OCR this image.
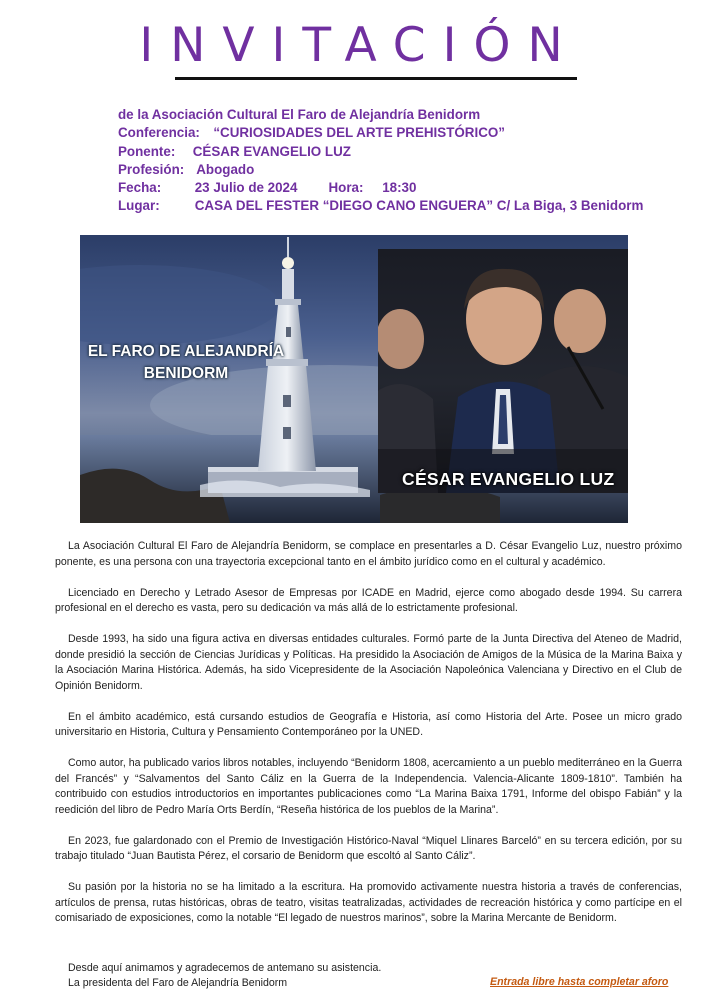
INVITACIÓN
de la Asociación Cultural El Faro de Alejandría Benidorm
Conferencia: “CURIOSIDADES DEL ARTE PREHISTÓRICO”
Ponente: CÉSAR EVANGELIO LUZ
Profesión: Abogado
Fecha:	23 Julio de 2024 Hora: 18:30
Lugar:	CASA DEL FESTER “DIEGO CANO ENGUERA” C/ La Biga, 3 Benidorm
EL FARO DE ALEJANDRÍA
BENIDORM
CÉSAR EVANGELIO LUZ

La Asociación Cultural El Faro de Alejandría Benidorm, se complace en presentarles a D. César Evangelio Luz, nuestro próximo ponente, es una persona con una trayectoria excepcional tanto en el ámbito jurídico como en el cultural y académico.

Licenciado en Derecho y Letrado Asesor de Empresas por ICADE en Madrid, ejerce como abogado desde 1994. Su carrera profesional en el derecho es vasta, pero su dedicación va más allá de lo estrictamente profesional.

Desde 1993, ha sido una figura activa en diversas entidades culturales. Formó parte de la Junta Directiva del Ateneo de Madrid, donde presidió la sección de Ciencias Jurídicas y Políticas. Ha presidido la Asociación de Amigos de la Música de la Marina Baixa y la Asociación Marina Histórica. Además, ha sido Vicepresidente de la Asociación Napoleónica Valenciana y Directivo en el Club de Opinión Benidorm.

En el ámbito académico, está cursando estudios de Geografía e Historia, así como Historia del Arte. Posee un micro grado universitario en Historia, Cultura y Pensamiento Contemporáneo por la UNED.

Como autor, ha publicado varios libros notables, incluyendo “Benidorm 1808, acercamiento a un pueblo mediterráneo en la Guerra del Francés” y “Salvamentos del Santo Cáliz en la Guerra de la Independencia. Valencia-Alicante 1809-1810”. También ha contribuido con estudios introductorios en importantes publicaciones como “La Marina Baixa 1791, Informe del obispo Fabián” y la reedición del libro de Pedro María Orts Berdín, “Reseña histórica de los pueblos de la Marina”.

En 2023, fue galardonado con el Premio de Investigación Histórico-Naval “Miquel Llinares Barceló” en su tercera edición, por su trabajo titulado “Juan Bautista Pérez, el corsario de Benidorm que escoltó al Santo Cáliz”.

Su pasión por la historia no se ha limitado a la escritura. Ha promovido activamente nuestra historia a través de conferencias, artículos de prensa, rutas históricas, obras de teatro, visitas teatralizadas, actividades de recreación histórica y como partícipe en el comisariado de exposiciones, como la notable “El legado de nuestros marinos”, sobre la Marina Mercante de Benidorm.

Desde aquí animamos y agradecemos de antemano su asistencia.
La presidenta del Faro de Alejandría Benidorm	Entrada libre hasta completar aforo
